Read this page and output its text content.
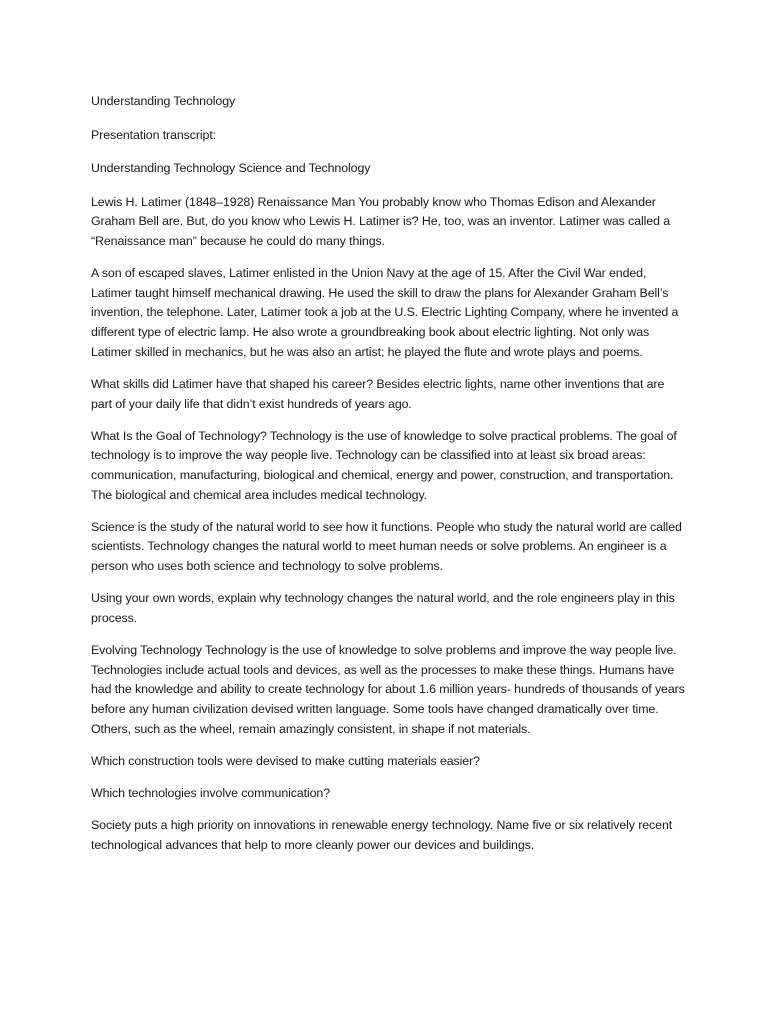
Understanding Technology

Presentation transcript:

Understanding Technology Science and Technology

Lewis H. Latimer (1848–1928) Renaissance Man You probably know who Thomas Edison and Alexander Graham Bell are. But, do you know who Lewis H. Latimer is? He, too, was an inventor. Latimer was called a “Renaissance man” because he could do many things.

A son of escaped slaves, Latimer enlisted in the Union Navy at the age of 15. After the Civil War ended, Latimer taught himself mechanical drawing. He used the skill to draw the plans for Alexander Graham Bell’s invention, the telephone. Later, Latimer took a job at the U.S. Electric Lighting Company, where he invented a different type of electric lamp. He also wrote a groundbreaking book about electric lighting. Not only was Latimer skilled in mechanics, but he was also an artist; he played the flute and wrote plays and poems.

What skills did Latimer have that shaped his career? Besides electric lights, name other inventions that are part of your daily life that didn’t exist hundreds of years ago.

What Is the Goal of Technology? Technology is the use of knowledge to solve practical problems. The goal of technology is to improve the way people live. Technology can be classified into at least six broad areas: communication, manufacturing, biological and chemical, energy and power, construction, and transportation. The biological and chemical area includes medical technology.

Science is the study of the natural world to see how it functions. People who study the natural world are called scientists. Technology changes the natural world to meet human needs or solve problems. An engineer is a person who uses both science and technology to solve problems.

Using your own words, explain why technology changes the natural world, and the role engineers play in this process.

Evolving Technology Technology is the use of knowledge to solve problems and improve the way people live. Technologies include actual tools and devices, as well as the processes to make these things. Humans have had the knowledge and ability to create technology for about 1.6 million years- hundreds of thousands of years before any human civilization devised written language. Some tools have changed dramatically over time. Others, such as the wheel, remain amazingly consistent, in shape if not materials.

Which construction tools were devised to make cutting materials easier?

Which technologies involve communication?

Society puts a high priority on innovations in renewable energy technology. Name five or six relatively recent technological advances that help to more cleanly power our devices and buildings.
